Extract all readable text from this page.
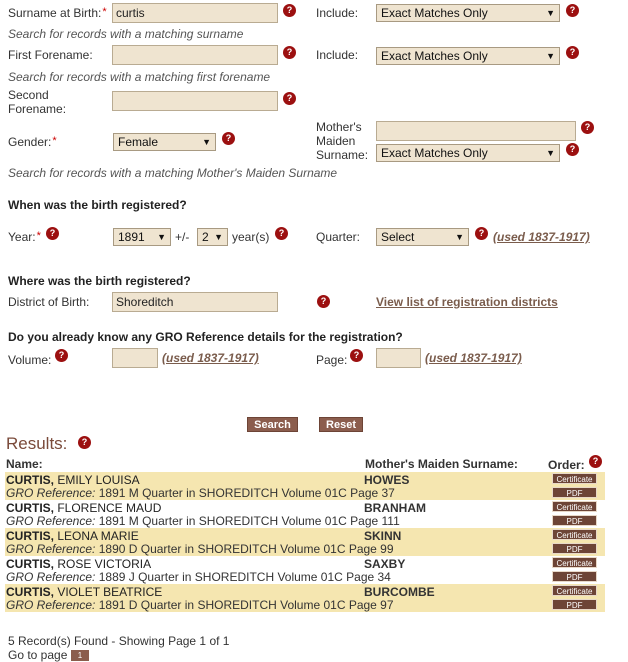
Surname at Birth:* curtis	?	Include:	Exact Matches Only	▼	?
Search for records with a matching surname
First Forename:	?	Include:	Exact Matches Only	▼	?
Search for records with a matching first forename
Second
Forename:
?
Gender:*	Female	▼	?
Mother's
Maiden
Surname:
?
Exact Matches Only	▼	?
Search for records with a matching Mother's Maiden Surname
When was the birth registered?
Year:* ?	1891 ▼ +/-	2 ▼ year(s)	?	Quarter:	Select	▼	? (used 1837-1917)
Where was the birth registered?
District of Birth:	Shoreditch	?	View list of registration districts
Do you already know any GRO Reference details for the registration?
Volume: ?	(used 1837-1917)	Page: ?	(used 1837-1917)
Search	Reset
Results:	?
Name:	Mother's Maiden Surname:	Order: ?
CURTIS, EMILY LOUISA
GRO Reference: 1891 M Quarter in SHOREDITCH Volume 01C Page 37
HOWES	Certificate
PDF
CURTIS, FLORENCE MAUD
GRO Reference: 1891 M Quarter in SHOREDITCH Volume 01C Page 111
BRANHAM	Certificate
PDF
CURTIS, LEONA MARIE
GRO Reference: 1890 D Quarter in SHOREDITCH Volume 01C Page 99
SKINN	Certificate
PDF
CURTIS, ROSE VICTORIA
GRO Reference: 1889 J Quarter in SHOREDITCH Volume 01C Page 34
SAXBY	Certificate
PDF
CURTIS, VIOLET BEATRICE
GRO Reference: 1891 D Quarter in SHOREDITCH Volume 01C Page 97
BURCOMBE	Certificate
PDF
5 Record(s) Found - Showing Page 1 of 1
Go to page	1
